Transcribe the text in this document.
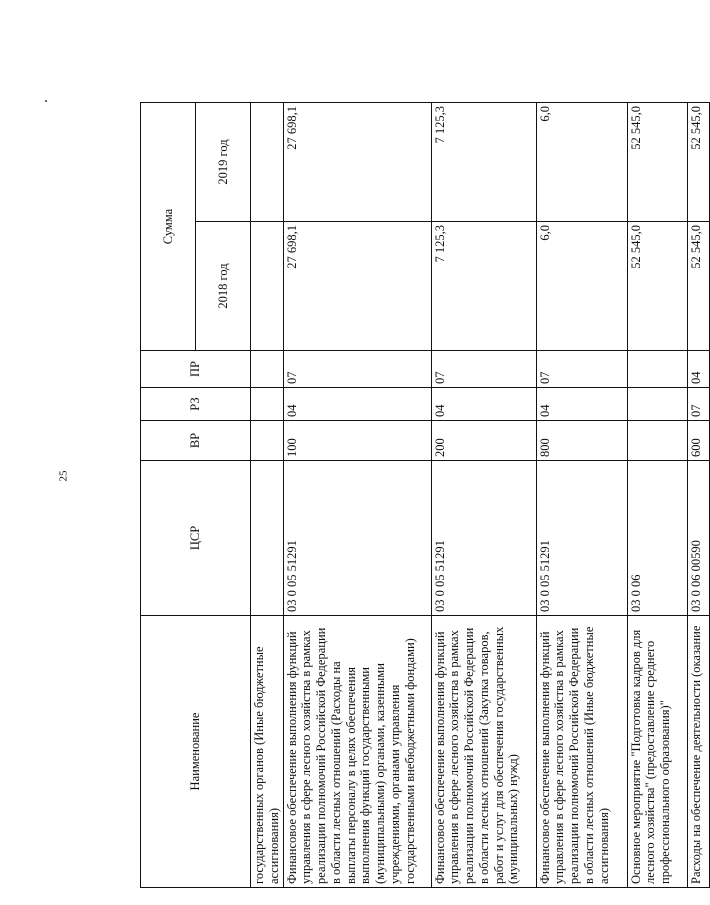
25
Наименование	ЦСР	ВР	РЗ	ПР	Сумма	
					2018 год	2019 год
государственных органов (Иные бюджетные ассигнования)						
Финансовое обеспечение выполнения функций управления в сфере лесного хозяйства в рамках реализации полномочий Российской Федерации в области лесных отношений (Расходы на выплаты персоналу в целях обеспечения выполнения функций государственными (муниципальными) органами, казенными учреждениями, органами управления государственными внебюджетными фондами)	03 0 05 51291	100	04	07	27 698,1	27 698,1
Финансовое обеспечение выполнения функций управления в сфере лесного хозяйства в рамках реализации полномочий Российской Федерации в области лесных отношений (Закупка товаров, работ и услуг для обеспечения государственных (муниципальных) нужд)	03 0 05 51291	200	04	07	7 125,3	7 125,3
Финансовое обеспечение выполнения функций управления в сфере лесного хозяйства в рамках реализации полномочий Российской Федерации в области лесных отношений (Иные бюджетные ассигнования)	03 0 05 51291	800	04	07	6,0	6,0
Основное мероприятие "Подготовка кадров для лесного хозяйства" (предоставление среднего профессионального образования)"	03 0 06				52 545,0	52 545,0
Расходы на обеспечение деятельности (оказание	03 0 06 00590	600	07	04	52 545,0	52 545,0
